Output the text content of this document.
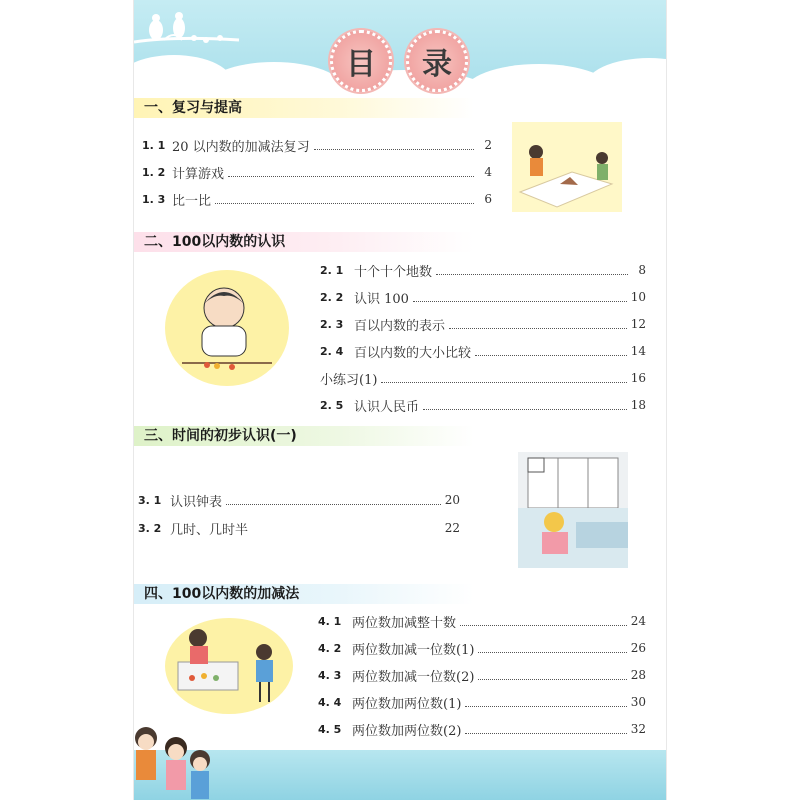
目	录
一、复习与提高
1. 1 20 以内数的加减法复习	2
1. 2 计算游戏	4
1. 3 比一比	6
二、100以内数的认识
2. 1 十个十个地数	8
2. 2 认识 100	10
2. 3 百以内数的表示	12
2. 4 百以内数的大小比较	14
小练习(1)	16
2. 5 认识人民币	18
三、时间的初步认识(一)
3. 1 认识钟表	20
3. 2 几时、几时半	22
四、100以内数的加减法
4. 1 两位数加减整十数	24
4. 2 两位数加减一位数(1)	26
4. 3 两位数加减一位数(2)	28
4. 4 两位数加两位数(1)	30
4. 5 两位数加两位数(2)	32
